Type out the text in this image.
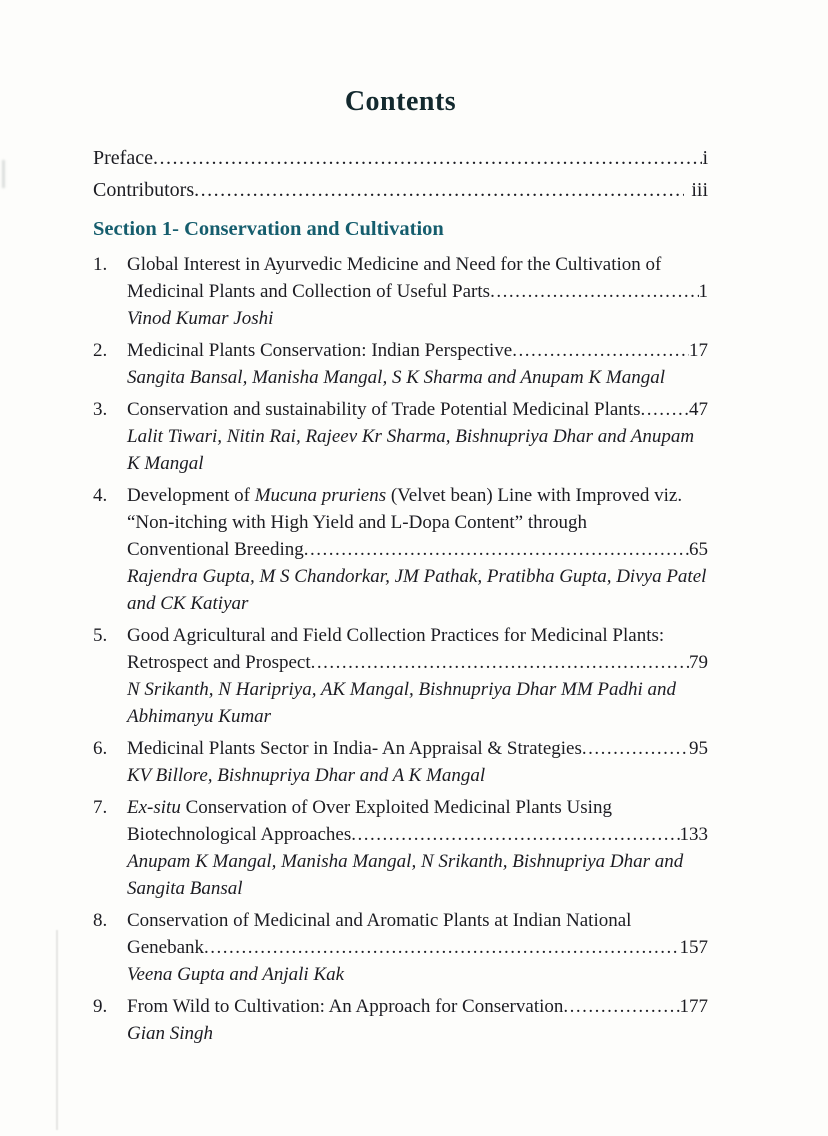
Contents
Preface .....	i
Contributors .....	iii
Section 1- Conservation and Cultivation
1.	Global Interest in Ayurvedic Medicine and Need for the Cultivation of
Medicinal Plants and Collection of Useful Parts .....	1
Vinod Kumar Joshi
2.	Medicinal Plants Conservation: Indian Perspective .....	17
Sangita Bansal, Manisha Mangal, S K Sharma and Anupam K Mangal
3.	Conservation and sustainability of Trade Potential Medicinal Plants .....	47
Lalit Tiwari, Nitin Rai, Rajeev Kr Sharma, Bishnupriya Dhar and Anupam
K Mangal
4.	Development of Mucuna pruriens (Velvet bean) Line with Improved viz.
“Non-itching with High Yield and L-Dopa Content” through
Conventional Breeding .....	65
Rajendra Gupta, M S Chandorkar, JM Pathak, Pratibha Gupta, Divya Patel
and CK Katiyar
5.	Good Agricultural and Field Collection Practices for Medicinal Plants:
Retrospect and Prospect .....	79
N Srikanth, N Haripriya, AK Mangal, Bishnupriya Dhar MM Padhi and
Abhimanyu Kumar
6.	Medicinal Plants Sector in India- An Appraisal & Strategies .....	95
KV Billore, Bishnupriya Dhar and A K Mangal
7.	Ex-situ Conservation of Over Exploited Medicinal Plants Using
Biotechnological Approaches .....	133
Anupam K Mangal, Manisha Mangal, N Srikanth, Bishnupriya Dhar and
Sangita Bansal
8.	Conservation of Medicinal and Aromatic Plants at Indian National
Genebank .....	157
Veena Gupta and Anjali Kak
9.	From Wild to Cultivation: An Approach for Conservation .....	177
Gian Singh
